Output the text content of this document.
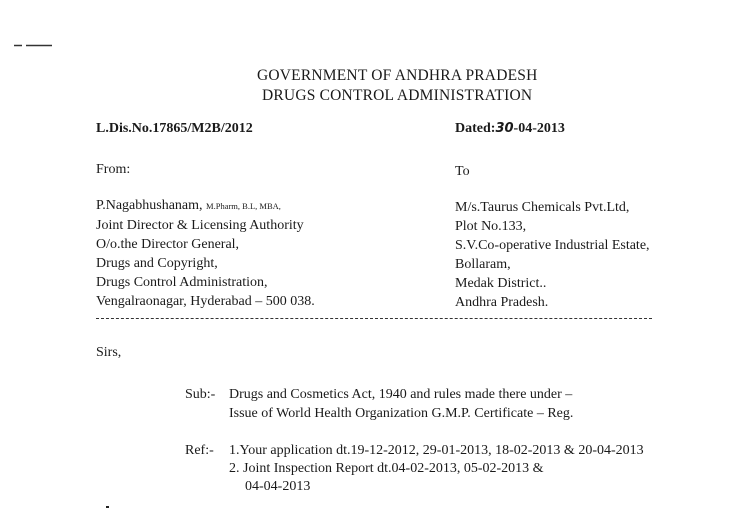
GOVERNMENT OF ANDHRA PRADESH
DRUGS CONTROL ADMINISTRATION
L.Dis.No.17865/M2B/2012	Dated:30-04-2013
From:	To
P.Nagabhushanam, M.Pharm, B.L, MBA,
Joint Director & Licensing Authority
O/o.the Director General,
Drugs and Copyright,
Drugs Control Administration,
Vengalraonagar, Hyderabad – 500 038.
M/s.Taurus Chemicals Pvt.Ltd,
Plot No.133,
S.V.Co-operative Industrial Estate,
Bollaram,
Medak District..
Andhra Pradesh.
Sirs,
Sub:- Drugs and Cosmetics Act, 1940 and rules made there under –
Issue of World Health Organization G.M.P. Certificate – Reg.
Ref:- 1.Your application dt.19-12-2012, 29-01-2013, 18-02-2013 & 20-04-2013
2. Joint Inspection Report dt.04-02-2013, 05-02-2013 &
04-04-2013
